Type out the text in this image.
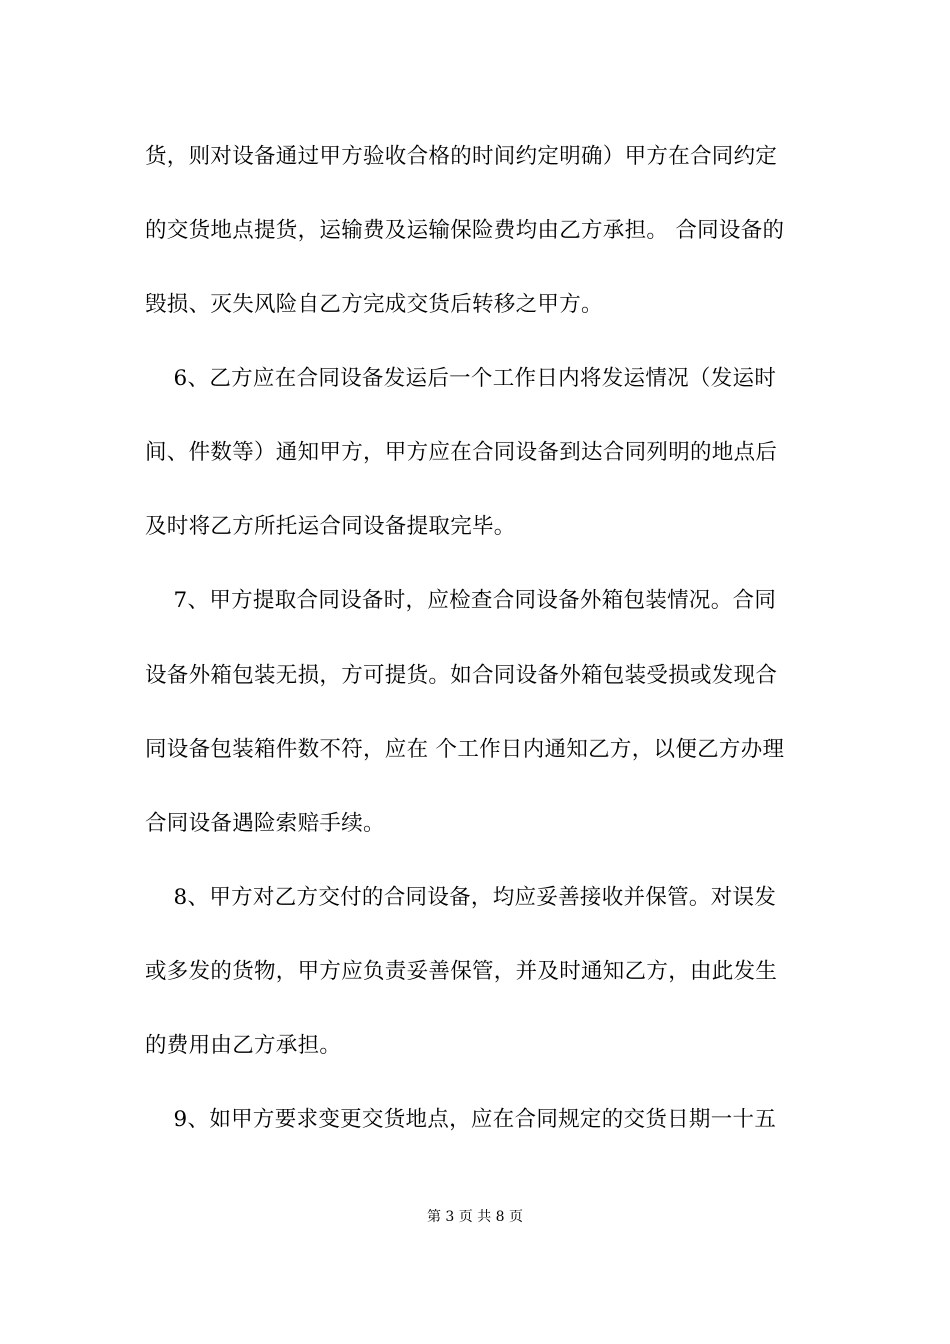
货，则对设备通过甲方验收合格的时间约定明确）甲方在合同约定
的交货地点提货，运输费及运输保险费均由乙方承担。 合同设备的
毁损、灭失风险自乙方完成交货后转移之甲方。
6、乙方应在合同设备发运后一个工作日内将发运情况（发运时
间、件数等）通知甲方，甲方应在合同设备到达合同列明的地点后
及时将乙方所托运合同设备提取完毕。
7、甲方提取合同设备时，应检查合同设备外箱包装情况。合同
设备外箱包装无损，方可提货。如合同设备外箱包装受损或发现合
同设备包装箱件数不符，应在 个工作日内通知乙方，以便乙方办理
合同设备遇险索赔手续。
8、甲方对乙方交付的合同设备，均应妥善接收并保管。对误发
或多发的货物，甲方应负责妥善保管，并及时通知乙方，由此发生
的费用由乙方承担。
9、如甲方要求变更交货地点，应在合同规定的交货日期一十五
第 3 页 共 8 页
